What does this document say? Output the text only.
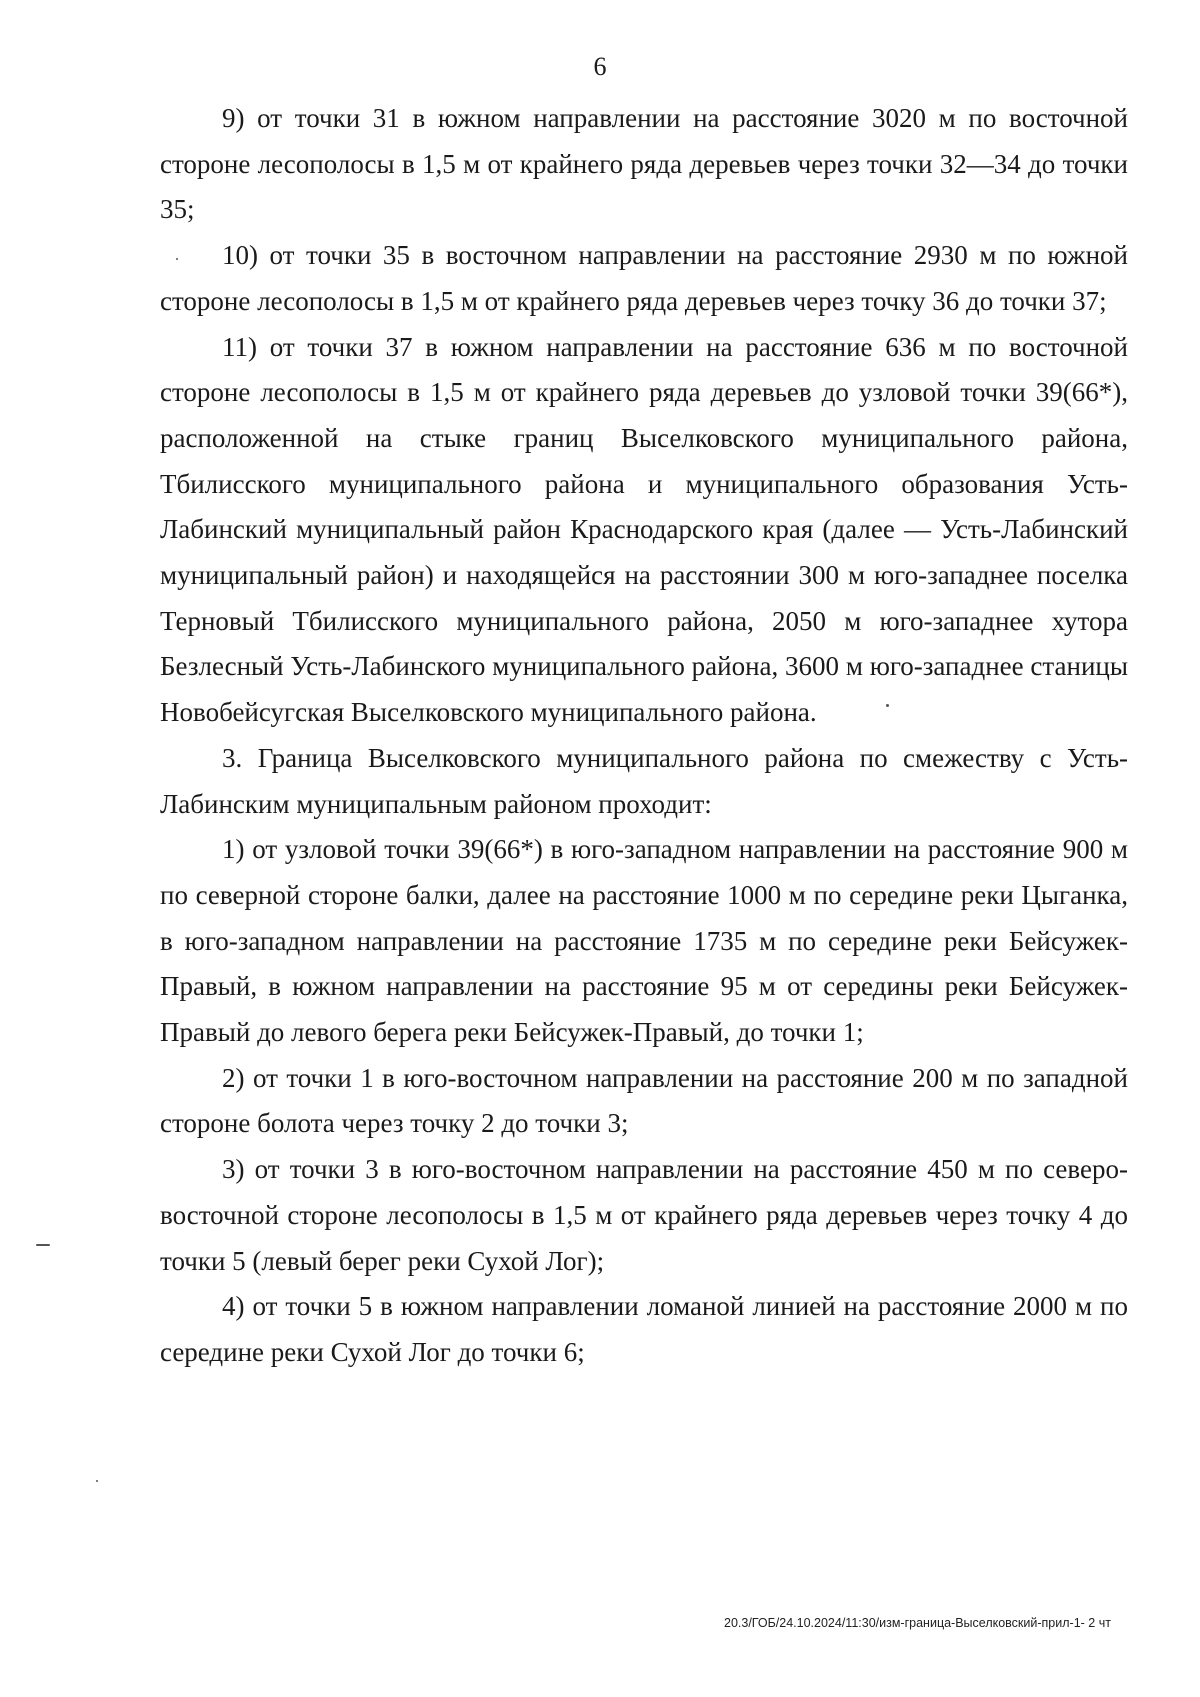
6

9) от точки 31 в южном направлении на расстояние 3020 м по восточной стороне лесополосы в 1,5 м от крайнего ряда деревьев через точки 32—34 до точки 35;

10) от точки 35 в восточном направлении на расстояние 2930 м по южной стороне лесополосы в 1,5 м от крайнего ряда деревьев через точку 36 до точки 37;

11) от точки 37 в южном направлении на расстояние 636 м по восточной стороне лесополосы в 1,5 м от крайнего ряда деревьев до узловой точки 39(66*), расположенной на стыке границ Выселковского муниципального района, Тбилисского муниципального района и муниципального образования Усть-Лабинский муниципальный район Краснодарского края (далее — Усть-Лабинский муниципальный район) и находящейся на расстоянии 300 м юго-западнее поселка Терновый Тбилисского муниципального района, 2050 м юго-западнее хутора Безлесный Усть-Лабинского муниципального района, 3600 м юго-западнее станицы Новобейсугская Выселковского муниципального района.

3. Граница Выселковского муниципального района по смежеству с Усть-Лабинским муниципальным районом проходит:

1) от узловой точки 39(66*) в юго-западном направлении на расстояние 900 м по северной стороне балки, далее на расстояние 1000 м по середине реки Цыганка, в юго-западном направлении на расстояние 1735 м по середине реки Бейсужек-Правый, в южном направлении на расстояние 95 м от середины реки Бейсужек-Правый до левого берега реки Бейсужек-Правый, до точки 1;

2) от точки 1 в юго-восточном направлении на расстояние 200 м по западной стороне болота через точку 2 до точки 3;

3) от точки 3 в юго-восточном направлении на расстояние 450 м по северо-восточной стороне лесополосы в 1,5 м от крайнего ряда деревьев через точку 4 до точки 5 (левый берег реки Сухой Лог);

4) от точки 5 в южном направлении ломаной линией на расстояние 2000 м по середине реки Сухой Лог до точки 6;

20.3/ГОБ/24.10.2024/11:30/изм-граница-Выселковский-прил-1- 2 чт
